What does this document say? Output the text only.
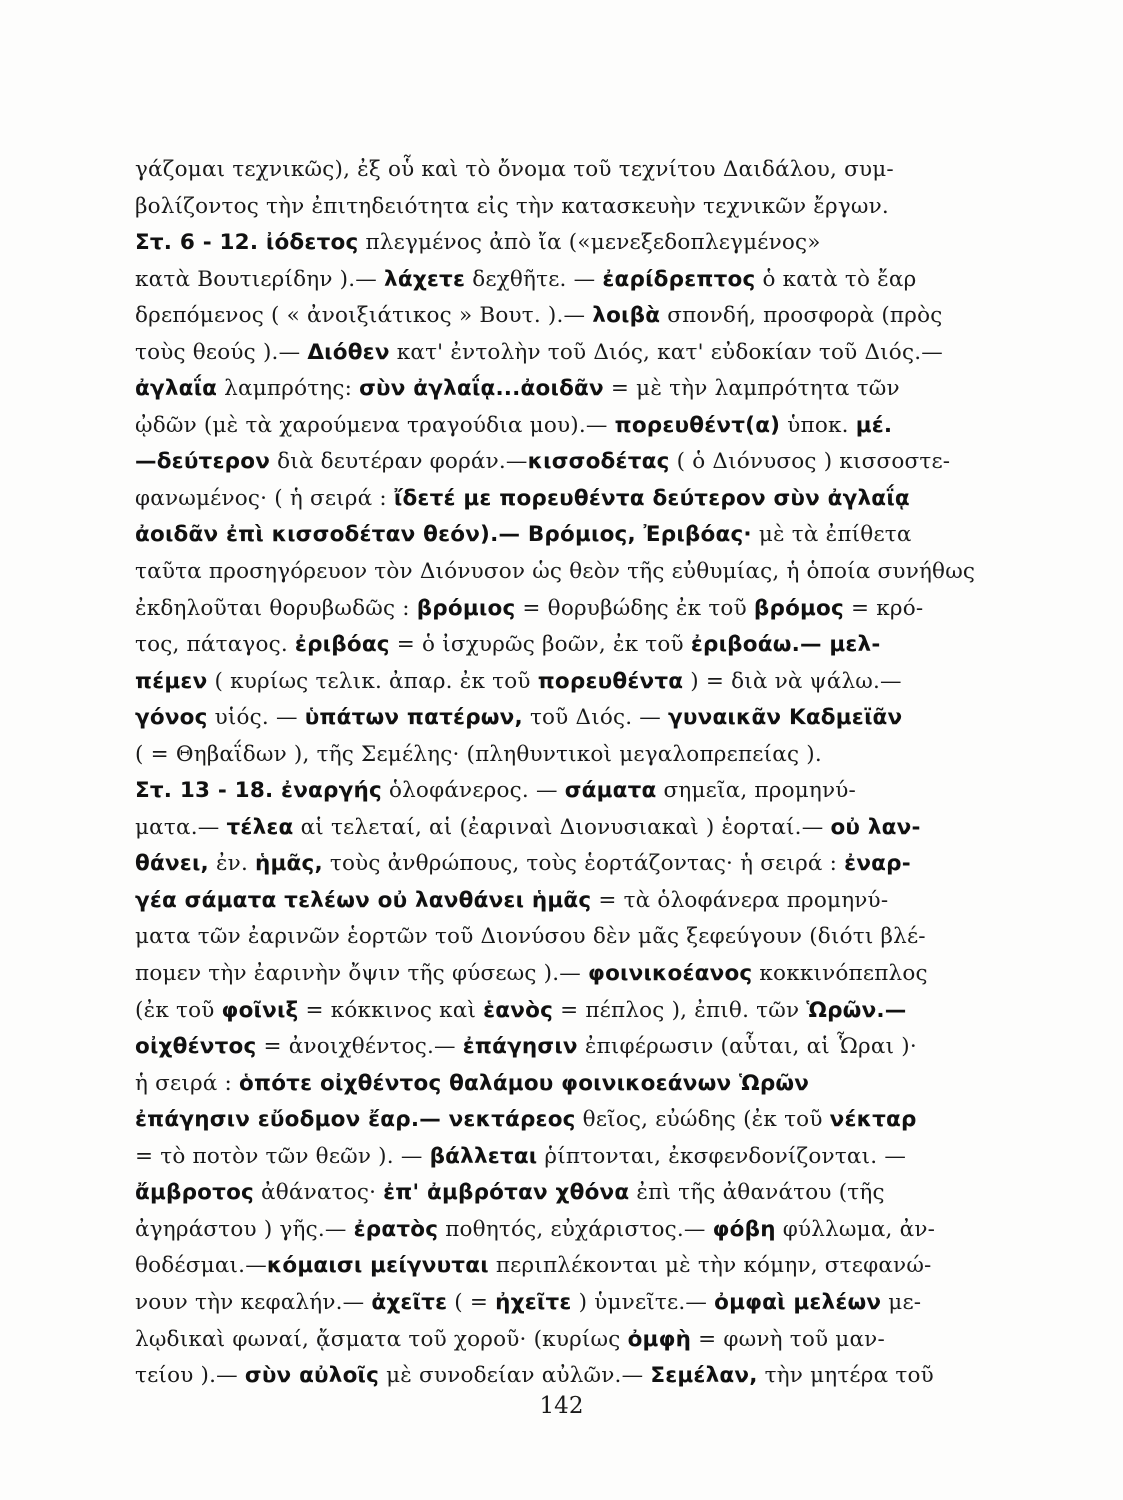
γάζομαι τεχνικῶς), ἐξ οὗ καὶ τὸ ὄνομα τοῦ τεχνίτου Δαιδάλου, συμ-
βολίζοντος τὴν ἐπιτηδειότητα εἰς τὴν κατασκευὴν τεχνικῶν ἔργων.
Στ. 6 - 12. ἰόδετος πλεγμένος ἀπὸ ἴα («μενεξεδοπλεγμένος»
κατὰ Βουτιερίδην ).— λάχετε δεχθῆτε. — ἐαρίδρεπτος ὁ κατὰ τὸ ἔαρ
δρεπόμενος ( « ἀνοιξιάτικος » Βουτ. ).— λοιβὰ σπονδή, προσφορὰ (πρὸς
τοὺς θεούς ).— Διόθεν κατ' ἐντολὴν τοῦ Διός, κατ' εὐδοκίαν τοῦ Διός.—
ἀγλαΐα λαμπρότης: σὺν ἀγλαΐᾳ...ἀοιδᾶν = μὲ τὴν λαμπρότητα τῶν
ᾠδῶν (μὲ τὰ χαρούμενα τραγούδια μου).— πορευθέντ(α) ὑποκ. μέ.
—δεύτερον διὰ δευτέραν φοράν.—κισσοδέτας ( ὁ Διόνυσος ) κισσοστε-
φανωμένος· ( ἡ σειρά : ἴδετέ με πορευθέντα δεύτερον σὺν ἀγλαΐᾳ
ἀοιδᾶν ἐπὶ κισσοδέταν θεόν).— Βρόμιος, Ἐριβόας· μὲ τὰ ἐπίθετα
ταῦτα προσηγόρευον τὸν Διόνυσον ὡς θεὸν τῆς εὐθυμίας, ἡ ὁποία συνήθως
ἐκδηλοῦται θορυβωδῶς : βρόμιος = θορυβώδης ἐκ τοῦ βρόμος = κρό-
τος, πάταγος. ἐριβόας = ὁ ἰσχυρῶς βοῶν, ἐκ τοῦ ἐριβοάω.— μελ-
πέμεν ( κυρίως τελικ. ἀπαρ. ἐκ τοῦ πορευθέντα ) = διὰ νὰ ψάλω.—
γόνος υἱός. — ὑπάτων πατέρων, τοῦ Διός. — γυναικᾶν Καδμεϊᾶν
( = Θηβαΐδων ), τῆς Σεμέλης· (πληθυντικοὶ μεγαλοπρεπείας ).
Στ. 13 - 18. ἐναργής ὁλοφάνερος. — σάματα σημεῖα, προμηνύ-
ματα.— τέλεα αἱ τελεταί, αἱ (ἐαριναὶ Διονυσιακαὶ ) ἑορταί.— οὐ λαν-
θάνει, ἐν. ἡμᾶς, τοὺς ἀνθρώπους, τοὺς ἑορτάζοντας· ἡ σειρά : ἐναρ-
γέα σάματα τελέων οὐ λανθάνει ἡμᾶς = τὰ ὁλοφάνερα προμηνύ-
ματα τῶν ἐαρινῶν ἑορτῶν τοῦ Διονύσου δὲν μᾶς ξεφεύγουν (διότι βλέ-
πομεν τὴν ἐαρινὴν ὄψιν τῆς φύσεως ).— φοινικοέανος κοκκινόπεπλος
(ἐκ τοῦ φοῖνιξ = κόκκινος καὶ ἑανὸς = πέπλος ), ἐπιθ. τῶν Ὡρῶν.—
οἰχθέντος = ἀνοιχθέντος.— ἐπάγησιν ἐπιφέρωσιν (αὗται, αἱ Ὧραι )·
ἡ σειρά : ὁπότε οἰχθέντος θαλάμου φοινικοεάνων Ὡρῶν
ἐπάγησιν εὔοδμον ἔαρ.— νεκτάρεος θεῖος, εὐώδης (ἐκ τοῦ νέκταρ
= τὸ ποτὸν τῶν θεῶν ). — βάλλεται ῥίπτονται, ἐκσφενδονίζονται. —
ἄμβροτος ἀθάνατος· ἐπ' ἀμβρόταν χθόνα ἐπὶ τῆς ἀθανάτου (τῆς
ἀγηράστου ) γῆς.— ἐρατὸς ποθητός, εὐχάριστος.— φόβη φύλλωμα, ἀν-
θοδέσμαι.—κόμαισι μείγνυται περιπλέκονται μὲ τὴν κόμην, στεφανώ-
νουν τὴν κεφαλήν.— ἀχεῖτε ( = ἠχεῖτε ) ὑμνεῖτε.— ὀμφαὶ μελέων με-
λῳδικαὶ φωναί, ᾄσματα τοῦ χοροῦ· (κυρίως ὀμφὴ = φωνὴ τοῦ μαν-
τείου ).— σὺν αὐλοῖς μὲ συνοδείαν αὐλῶν.— Σεμέλαν, τὴν μητέρα τοῦ
142
